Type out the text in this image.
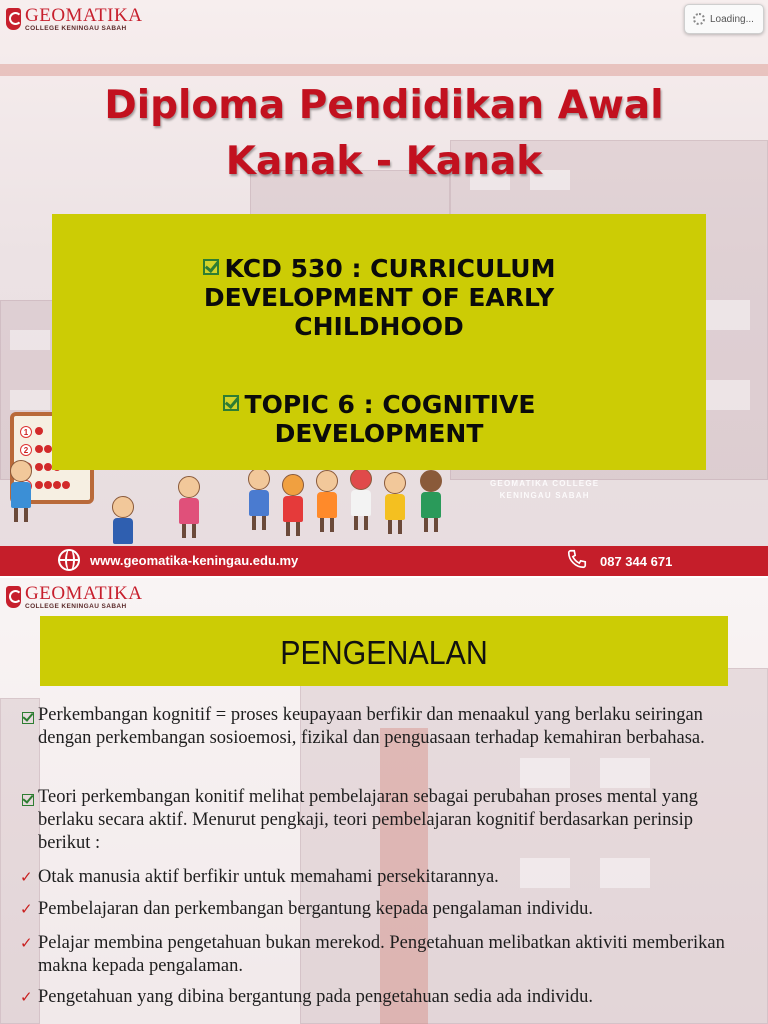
GEOMATIKA
COLLEGE KENINGAU SABAH
Diploma Pendidikan Awal
Kanak - Kanak
1
2
GEOMATIKA COLLEGE
KENINGAU SABAH
KCD 530 : CURRICULUM
DEVELOPMENT OF EARLY
CHILDHOOD
TOPIC 6 : COGNITIVE
DEVELOPMENT
www.geomatika-keningau.edu.my	087 344 671
Loading...
GEOMATIKA
COLLEGE KENINGAU SABAH
PENGENALAN
Perkembangan kognitif = proses keupayaan berfikir dan menaakul yang berlaku seiringan dengan perkembangan sosioemosi, fizikal dan penguasaan terhadap kemahiran berbahasa.
Teori perkembangan konitif melihat pembelajaran sebagai perubahan proses mental yang berlaku secara aktif. Menurut pengkaji, teori pembelajaran kognitif berdasarkan perinsip berikut :
✓ Otak manusia aktif berfikir untuk memahami persekitarannya.
✓ Pembelajaran dan perkembangan bergantung kepada pengalaman individu.
✓ Pelajar membina pengetahuan bukan merekod. Pengetahuan melibatkan aktiviti memberikan makna kepada pengalaman.
✓ Pengetahuan yang dibina bergantung pada pengetahuan sedia ada individu.
